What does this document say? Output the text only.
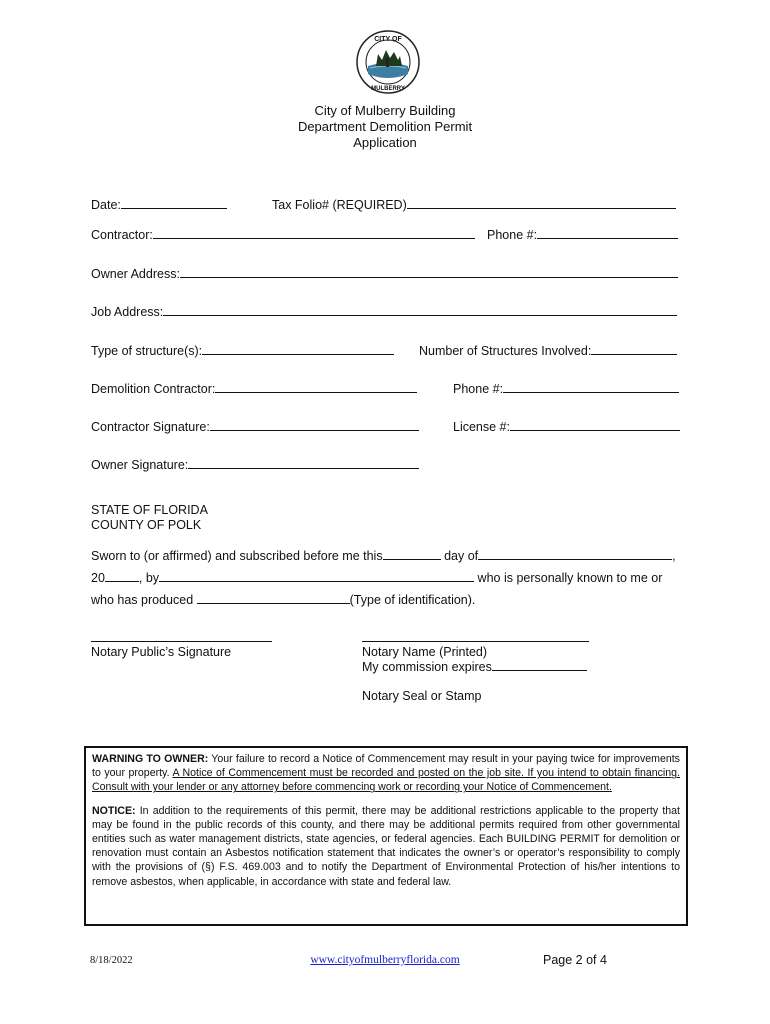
CITY OF
MULBERRY
City of Mulberry Building
Department Demolition Permit
Application
Date:	Tax Folio# (REQUIRED)
Contractor:	Phone #:
Owner Address:
Job Address:
Type of structure(s):	Number of Structures Involved:
Demolition Contractor:	Phone #:
Contractor Signature:	License #:
Owner Signature:
STATE OF FLORIDA
COUNTY OF POLK
Sworn to (or affirmed) and subscribed before me this	day of	,
20	, by	who is personally known to me or
who has produced	(Type of identification).
Notary Public’s Signature	Notary Name (Printed)
My commission expires
Notary Seal or Stamp

WARNING TO OWNER: Your failure to record a Notice of Commencement may result in your paying twice for improvements to your property. A Notice of Commencement must be recorded and posted on the job site. If you intend to obtain financing. Consult with your lender or any attorney before commencing work or recording your Notice of Commencement.

NOTICE: In addition to the requirements of this permit, there may be additional restrictions applicable to the property that may be found in the public records of this county, and there may be additional permits required from other governmental entities such as water management districts, state agencies, or federal agencies. Each BUILDING PERMIT for demolition or renovation must contain an Asbestos notification statement that indicates the owner’s or operator’s responsibility to comply with the provisions of (§) F.S. 469.003 and to notify the Department of Environmental Protection of his/her intentions to remove asbestos, when applicable, in accordance with state and federal law.

8/18/2022	www.cityofmulberryflorida.com	Page 2 of 4
